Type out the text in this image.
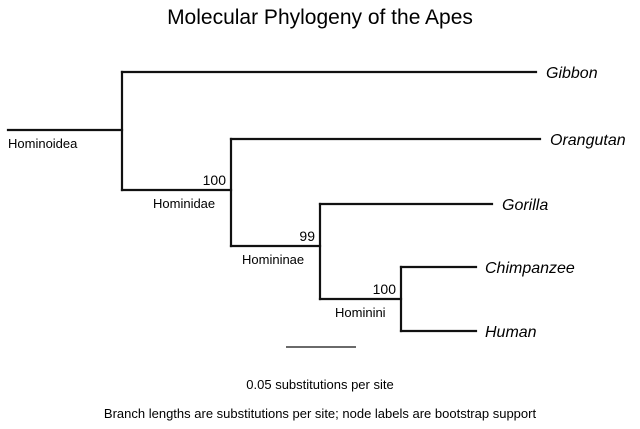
Molecular Phylogeny of the Apes
Gibbon
Orangutan
Gorilla
Chimpanzee
Human
Hominoidea
Hominidae
Homininae
Hominini
100
99
100
0.05 substitutions per site
Branch lengths are substitutions per site; node labels are bootstrap support
